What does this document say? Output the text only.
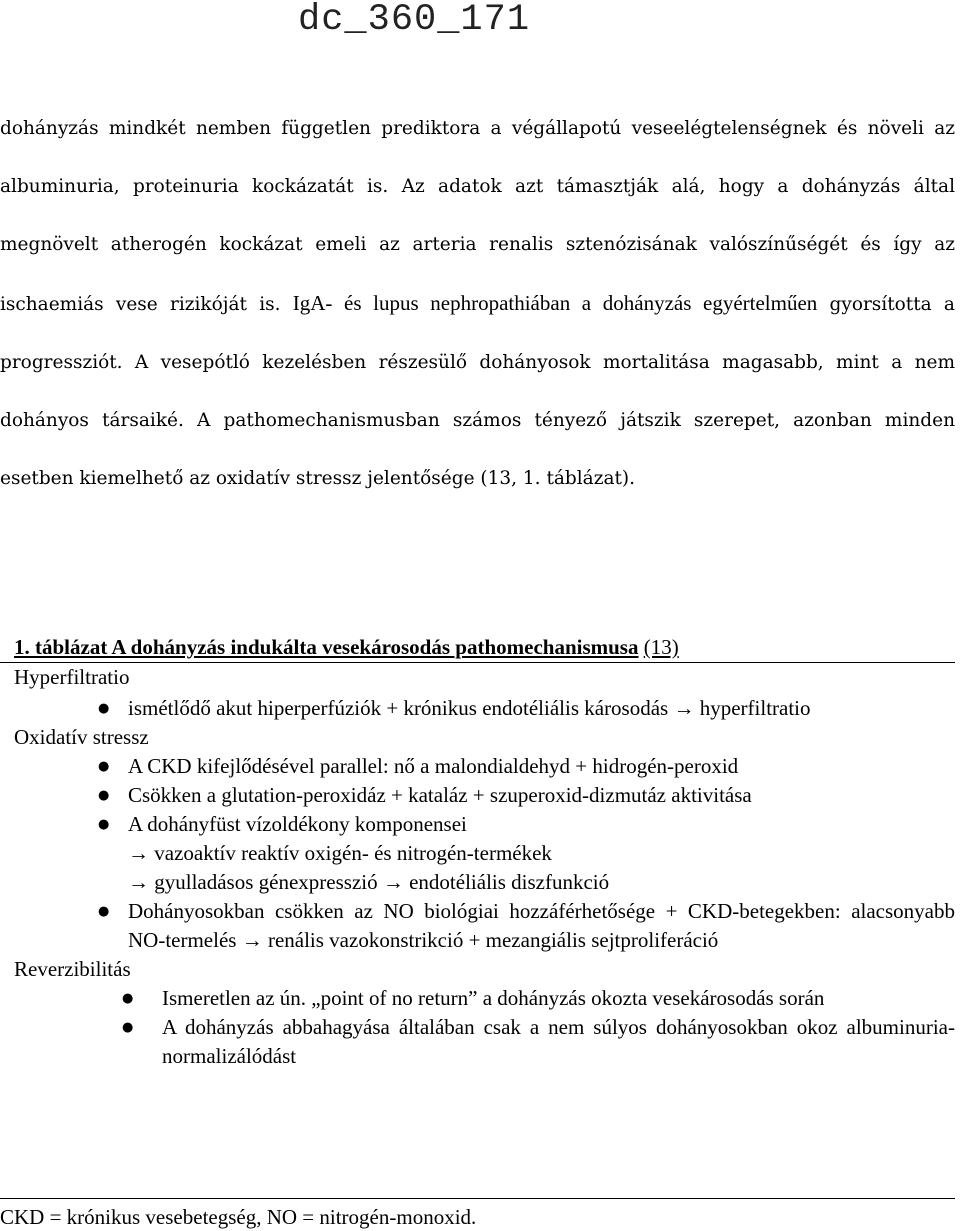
dc_360_171
dohányzás mindkét nemben független prediktora a végállapotú veseelégtelenségnek és növeli az albuminuria, proteinuria kockázatát is. Az adatok azt támasztják alá, hogy a dohányzás által megnövelt atherogén kockázat emeli az arteria renalis sztenózisának valószínűségét és így az ischaemiás vese rizikóját is. IgA- és lupus nephropathiában a dohányzás egyértelműen gyorsította a progressziót. A vesepótló kezelésben részesülő dohányosok mortalitása magasabb, mint a nem dohányos társaiké. A pathomechanismusban számos tényező játszik szerepet, azonban minden esetben kiemelhető az oxidatív stressz jelentősége (13, 1. táblázat).
1. táblázat A dohányzás indukálta vesekárosodás pathomechanismusa (13)
Hyperfiltratio
● ismétlődő akut hiperperfúziók + krónikus endotéliális károsodás → hyperfiltratio
Oxidatív stressz
● A CKD kifejlődésével parallel: nő a malondialdehyd + hidrogén-peroxid
● Csökken a glutation-peroxidáz + kataláz + szuperoxid-dizmutáz aktivitása
● A dohányfüst vízoldékony komponensei
→ vazoaktív reaktív oxigén- és nitrogén-termékek
→ gyulladásos génexpresszió → endotéliális diszfunkció
● Dohányosokban csökken az NO biológiai hozzáférhetősége + CKD-betegekben: alacsonyabb NO-termelés → renális vazokonstrikció + mezangiális sejtproliferáció
Reverzibilitás
● Ismeretlen az ún. „point of no return” a dohányzás okozta vesekárosodás során
● A dohányzás abbahagyása általában csak a nem súlyos dohányosokban okoz albuminuria-normalizálódást
CKD = krónikus vesebetegség, NO = nitrogén-monoxid.
